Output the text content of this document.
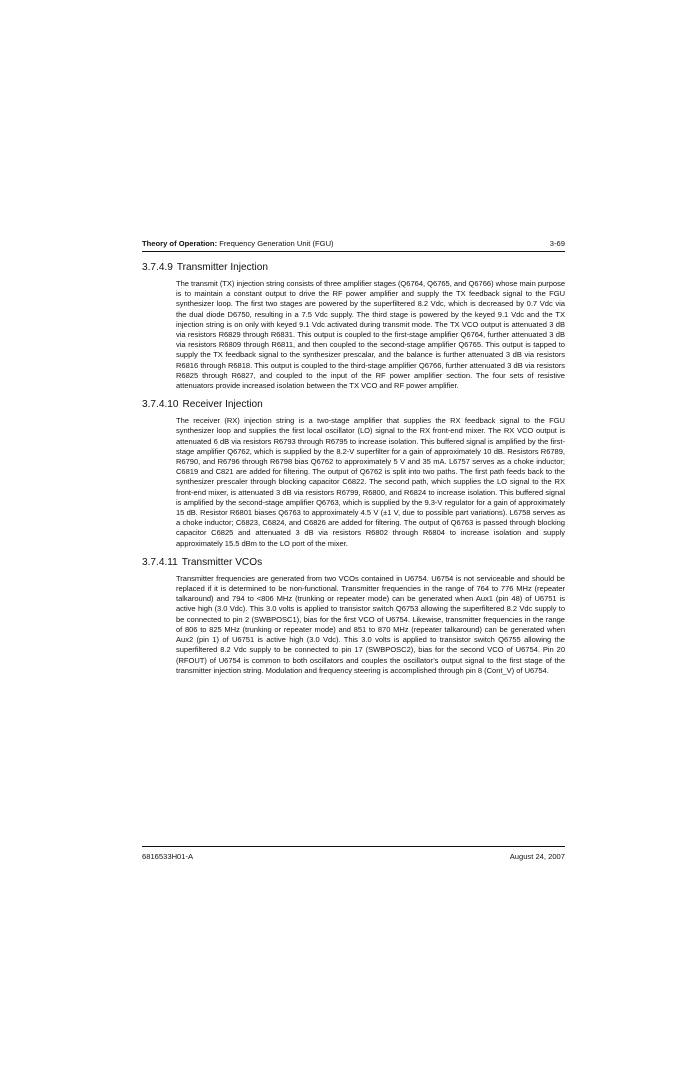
Theory of Operation: Frequency Generation Unit (FGU)	3-69
3.7.4.9 Transmitter Injection

The transmit (TX) injection string consists of three amplifier stages (Q6764, Q6765, and Q6766) whose main purpose is to maintain a constant output to drive the RF power amplifier and supply the TX feedback signal to the FGU synthesizer loop. The first two stages are powered by the superfiltered 8.2 Vdc, which is decreased by 0.7 Vdc via the dual diode D6750, resulting in a 7.5 Vdc supply. The third stage is powered by the keyed 9.1 Vdc and the TX injection string is on only with keyed 9.1 Vdc activated during transmit mode. The TX VCO output is attenuated 3 dB via resistors R6829 through R6831. This output is coupled to the first-stage amplifier Q6764, further attenuated 3 dB via resistors R6809 through R6811, and then coupled to the second-stage amplifier Q6765. This output is tapped to supply the TX feedback signal to the synthesizer prescalar, and the balance is further attenuated 3 dB via resistors R6816 through R6818. This output is coupled to the third-stage amplifier Q6766, further attenuated 3 dB via resistors R6825 through R6827, and coupled to the input of the RF power amplifier section. The four sets of resistive attenuators provide increased isolation between the TX VCO and RF power amplifier.

3.7.4.10 Receiver Injection

The receiver (RX) injection string is a two-stage amplifier that supplies the RX feedback signal to the FGU synthesizer loop and supplies the first local oscillator (LO) signal to the RX front-end mixer. The RX VCO output is attenuated 6 dB via resistors R6793 through R6795 to increase isolation. This buffered signal is amplified by the first-stage amplifier Q6762, which is supplied by the 8.2-V superfilter for a gain of approximately 10 dB. Resistors R6789, R6790, and R6796 through R6798 bias Q6762 to approximately 5 V and 35 mA. L6757 serves as a choke inductor; C6819 and C821 are added for filtering. The output of Q6762 is split into two paths. The first path feeds back to the synthesizer prescaler through blocking capacitor C6822. The second path, which supplies the LO signal to the RX front-end mixer, is attenuated 3 dB via resistors R6799, R6800, and R6824 to increase isolation. This buffered signal is amplified by the second-stage amplifier Q6763, which is supplied by the 9.3-V regulator for a gain of approximately 15 dB. Resistor R6801 biases Q6763 to approximately 4.5 V (±1 V, due to possible part variations). L6758 serves as a choke inductor; C6823, C6824, and C6826 are added for filtering. The output of Q6763 is passed through blocking capacitor C6825 and attenuated 3 dB via resistors R6802 through R6804 to increase isolation and supply approximately 15.5 dBm to the LO port of the mixer.

3.7.4.11 Transmitter VCOs

Transmitter frequencies are generated from two VCOs contained in U6754. U6754 is not serviceable and should be replaced if it is determined to be non-functional. Transmitter frequencies in the range of 764 to 776 MHz (repeater talkaround) and 794 to <806 MHz (trunking or repeater mode) can be generated when Aux1 (pin 48) of U6751 is active high (3.0 Vdc). This 3.0 volts is applied to transistor switch Q6753 allowing the superfiltered 8.2 Vdc supply to be connected to pin 2 (SWBPOSC1), bias for the first VCO of U6754. Likewise, transmitter frequencies in the range of 806 to 825 MHz (trunking or repeater mode) and 851 to 870 MHz (repeater talkaround) can be generated when Aux2 (pin 1) of U6751 is active high (3.0 Vdc). This 3.0 volts is applied to transistor switch Q6755 allowing the superfiltered 8.2 Vdc supply to be connected to pin 17 (SWBPOSC2), bias for the second VCO of U6754. Pin 20 (RFOUT) of U6754 is common to both oscillators and couples the oscillator’s output signal to the first stage of the transmitter injection string. Modulation and frequency steering is accomplished through pin 8 (Cont_V) of U6754.

6816533H01-A	August 24, 2007
